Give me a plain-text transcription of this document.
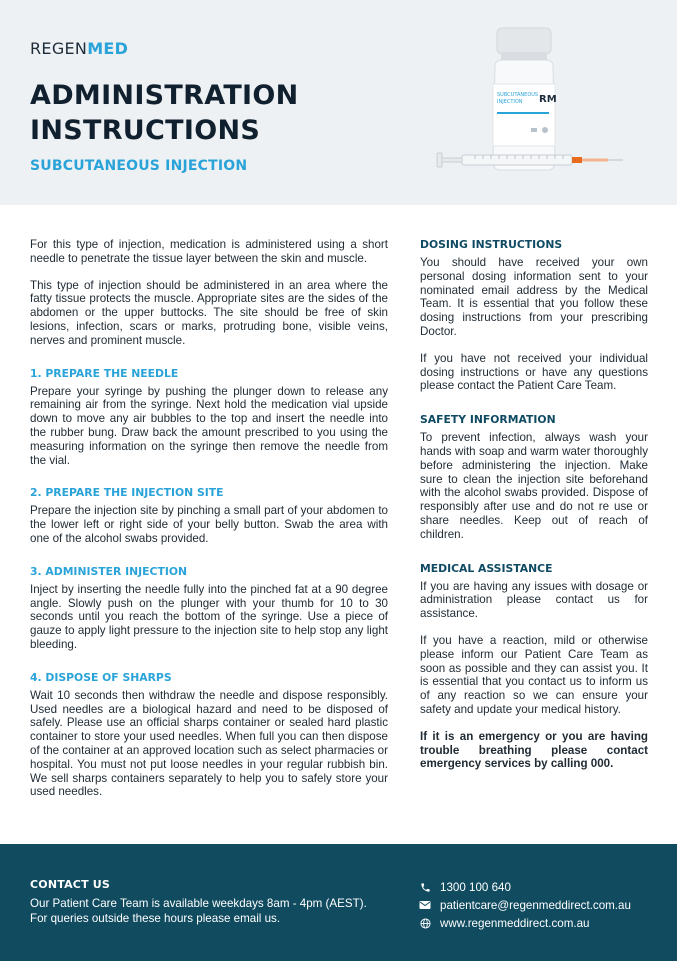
REGENMED
ADMINISTRATION INSTRUCTIONS
SUBCUTANEOUS INJECTION
SUBCUTANEOUS
INJECTION RM

For this type of injection, medication is administered using a short needle to penetrate the tissue layer between the skin and muscle.

This type of injection should be administered in an area where the fatty tissue protects the muscle. Appropriate sites are the sides of the abdomen or the upper buttocks. The site should be free of skin lesions, infection, scars or marks, protruding bone, visible veins, nerves and prominent muscle.

1. PREPARE THE NEEDLE

Prepare your syringe by pushing the plunger down to release any remaining air from the syringe. Next hold the medication vial upside down to move any air bubbles to the top and insert the needle into the rubber bung. Draw back the amount prescribed to you using the measuring information on the syringe then remove the needle from the vial.

2. PREPARE THE INJECTION SITE

Prepare the injection site by pinching a small part of your abdomen to the lower left or right side of your belly button. Swab the area with one of the alcohol swabs provided.

3. ADMINISTER INJECTION

Inject by inserting the needle fully into the pinched fat at a 90 degree angle. Slowly push on the plunger with your thumb for 10 to 30 seconds until you reach the bottom of the syringe. Use a piece of gauze to apply light pressure to the injection site to help stop any light bleeding.

4. DISPOSE OF SHARPS

Wait 10 seconds then withdraw the needle and dispose responsibly. Used needles are a biological hazard and need to be disposed of safely. Please use an official sharps container or sealed hard plastic container to store your used needles. When full you can then dispose of the container at an approved location such as select pharmacies or hospital. You must not put loose needles in your regular rubbish bin. We sell sharps containers separately to help you to safely store your used needles.

DOSING INSTRUCTIONS

You should have received your own personal dosing information sent to your nominated email address by the Medical Team. It is essential that you follow these dosing instructions from your prescribing Doctor.

If you have not received your individual dosing instructions or have any questions please contact the Patient Care Team.

SAFETY INFORMATION

To prevent infection, always wash your hands with soap and warm water thoroughly before administering the injection. Make sure to clean the injection site beforehand with the alcohol swabs provided. Dispose of responsibly after use and do not re use or share needles. Keep out of reach of children.

MEDICAL ASSISTANCE

If you are having any issues with dosage or administration please contact us for assistance.

If you have a reaction, mild or otherwise please inform our Patient Care Team as soon as possible and they can assist you. It is essential that you contact us to inform us of any reaction so we can ensure your safety and update your medical history.

If it is an emergency or you are having trouble breathing please contact emergency services by calling 000.

CONTACT US
Our Patient Care Team is available weekdays 8am - 4pm (AEST).
For queries outside these hours please email us.
1300 100 640
patientcare@regenmeddirect.com.au
www.regenmeddirect.com.au
